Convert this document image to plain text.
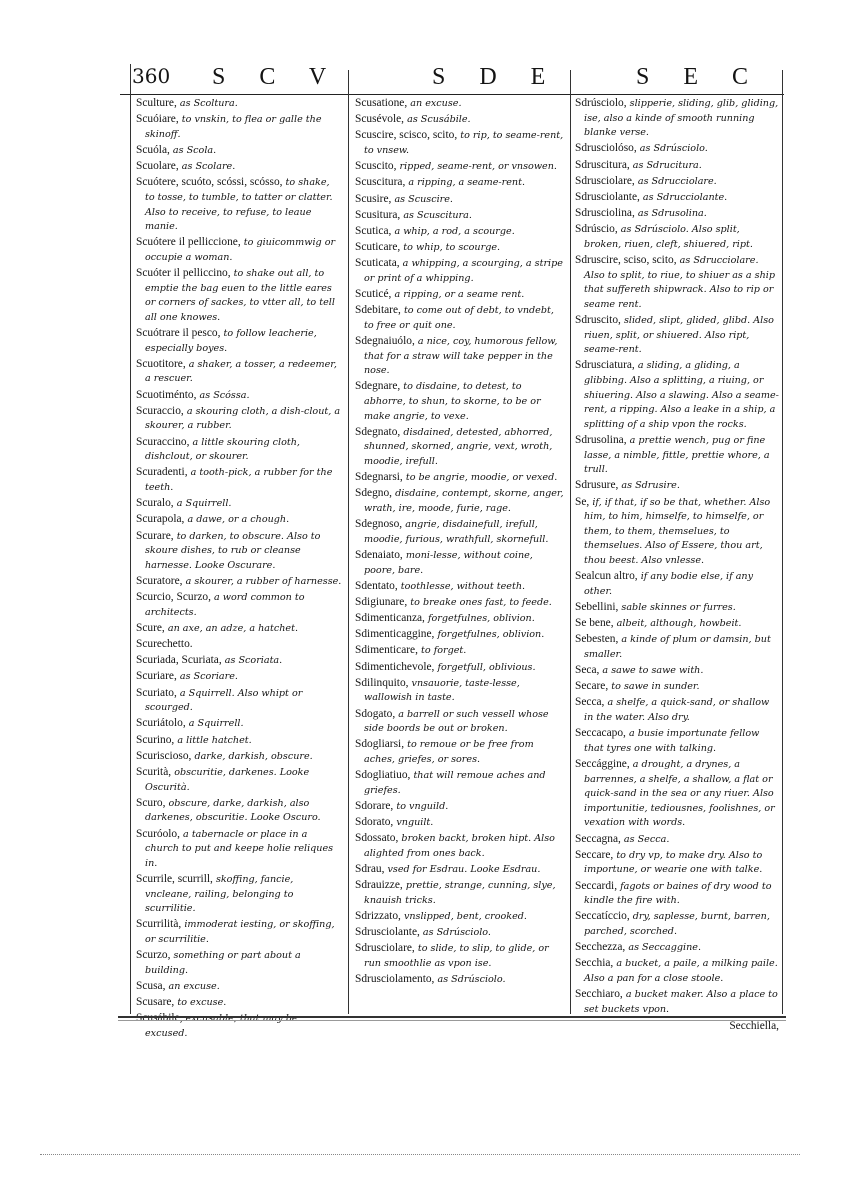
360 S C V	S D E	S E C
Sculture, as Scoltura.
Scuóiare, to vnskin, to flea or galle the skinoff.
Scuóla, as Scola.
Scuolare, as Scolare.
Scuótere, scuóto, scóssi, scósso, to shake, to tosse, to tumble, to tatter or clatter. Also to receive, to refuse, to leaue manie.
Scuótere il pelliccione, to giuicommwig or occupie a woman.
Scuóter il pelliccino, to shake out all, to emptie the bag euen to the little eares or corners of sackes, to vtter all, to tell all one knowes.
Scuótrare il pesco, to follow leacherie, especially boyes.
Scuotitore, a shaker, a tosser, a redeemer, a rescuer.
Scuotiménto, as Scóssa.
Scuraccio, a skouring cloth, a dish-clout, a skourer, a rubber.
Scuraccino, a little skouring cloth, dishclout, or skourer.
Scuradenti, a tooth-pick, a rubber for the teeth.
Scuralo, a Squirrell.
Scurapola, a dawe, or a chough.
Scurare, to darken, to obscure. Also to skoure dishes, to rub or cleanse harnesse. Looke Oscurare.
Scuratore, a skourer, a rubber of harnesse.
Scurcio, Scurzo, a word common to architects.
Scure, an axe, an adze, a hatchet.
Scurechetto.
Scuriada, Scuriata, as Scoriata.
Scuriare, as Scoriare.
Scuriato, a Squirrell. Also whipt or scourged.
Scuriátolo, a Squirrell.
Scurino, a little hatchet.
Scuriscioso, darke, darkish, obscure.
Scurità, obscuritie, darkenes. Looke Oscurità.
Scuro, obscure, darke, darkish, also darkenes, obscuritie. Looke Oscuro.
Scuróolo, a tabernacle or place in a church to put and keepe holie reliques in.
Scurrile, scurrill, skoffing, fancie, vncleane, railing, belonging to scurrilitie.
Scurrilità, immoderat iesting, or skoffing, or scurrilitie.
Scurzo, something or part about a building.
Scusa, an excuse.
Scusare, to excuse.
Scusábile, excusable, that may be excused.
Scusatione, an excuse.
Scusévole, as Scusábile.
Scuscire, scisco, scito, to rip, to seame-rent, to vnsew.
Scuscito, ripped, seame-rent, or vnsowen.
Scuscitura, a ripping, a seame-rent.
Scusire, as Scuscire.
Scusitura, as Scuscitura.
Scutica, a whip, a rod, a scourge.
Scuticare, to whip, to scourge.
Scuticata, a whipping, a scourging, a stripe or print of a whipping.
Scuticé, a ripping, or a seame rent.
Sdebitare, to come out of debt, to vndebt, to free or quit one.
Sdegnaiuólo, a nice, coy, humorous fellow, that for a straw will take pepper in the nose.
Sdegnare, to disdaine, to detest, to abhorre, to shun, to skorne, to be or make angrie, to vexe.
Sdegnato, disdained, detested, abhorred, shunned, skorned, angrie, vext, wroth, moodie, irefull.
Sdegnarsi, to be angrie, moodie, or vexed.
Sdegno, disdaine, contempt, skorne, anger, wrath, ire, moode, furie, rage.
Sdegnoso, angrie, disdainefull, irefull, moodie, furious, wrathfull, skornefull.
Sdenaiato, moni-lesse, without coine, poore, bare.
Sdentato, toothlesse, without teeth.
Sdigiunare, to breake ones fast, to feede.
Sdimenticanza, forgetfulnes, oblivion.
Sdimenticaggine, forgetfulnes, oblivion.
Sdimenticare, to forget.
Sdimentichevole, forgetfull, oblivious.
Sdilinquito, vnsauorie, taste-lesse, wallowish in taste.
Sdogato, a barrell or such vessell whose side boords be out or broken.
Sdogliarsi, to remoue or be free from aches, griefes, or sores.
Sdogliatiuo, that will remoue aches and griefes.
Sdorare, to vnguild.
Sdorato, vnguilt.
Sdossato, broken backt, broken hipt. Also alighted from ones back.
Sdrau, vsed for Esdrau. Looke Esdrau.
Sdrauizze, prettie, strange, cunning, slye, knauish tricks.
Sdrizzato, vnslipped, bent, crooked.
Sdrusciolante, as Sdrúsciolo.
Sdrusciolare, to slide, to slip, to glide, or run smoothlie as vpon ise.
Sdrusciolamento, as Sdrúsciolo.
Sdrúsciolo, slipperie, sliding, glib, gliding, ise, also a kinde of smooth running blanke verse.
Sdrusciolóso, as Sdrúsciolo.
Sdruscitura, as Sdrucitura.
Sdrusciolare, as Sdrucciolare.
Sdrusciolante, as Sdrucciolante.
Sdrusciolina, as Sdrusolina.
Sdrúscio, as Sdrúsciolo. Also split, broken, riuen, cleft, shiuered, ript.
Sdruscire, sciso, scito, as Sdrucciolare. Also to split, to riue, to shiuer as a ship that suffereth shipwrack. Also to rip or seame rent.
Sdruscito, slided, slipt, glided, glibd. Also riuen, split, or shiuered. Also ript, seame-rent.
Sdrusciatura, a sliding, a gliding, a glibbing. Also a splitting, a riuing, or shiuering. Also a slawing. Also a seame-rent, a ripping. Also a leake in a ship, a splitting of a ship vpon the rocks.
Sdrusolina, a prettie wench, pug or fine lasse, a nimble, fittle, prettie whore, a trull.
Sdrusure, as Sdrusire.
Se, if, if that, if so be that, whether. Also him, to him, himselfe, to himselfe, or them, to them, themselues, to themselues. Also of Essere, thou art, thou beest. Also vnlesse.
Sealcun altro, if any bodie else, if any other.
Sebellini, sable skinnes or furres.
Se bene, albeit, although, howbeit.
Sebesten, a kinde of plum or damsin, but smaller.
Seca, a sawe to sawe with.
Secare, to sawe in sunder.
Secca, a shelfe, a quick-sand, or shallow in the water. Also dry.
Seccacapo, a busie importunate fellow that tyres one with talking.
Seccággine, a drought, a drynes, a barrennes, a shelfe, a shallow, a flat or quick-sand in the sea or any riuer. Also importunitie, tediousnes, foolishnes, or vexation with words.
Seccagna, as Secca.
Seccare, to dry vp, to make dry. Also to importune, or wearie one with talke.
Seccardi, fagots or baines of dry wood to kindle the fire with.
Seccatíccio, dry, saplesse, burnt, barren, parched, scorched.
Secchezza, as Seccaggine.
Secchia, a bucket, a paile, a milking paile. Also a pan for a close stoole.
Secchiaro, a bucket maker. Also a place to set buckets vpon.
Secchiella,
